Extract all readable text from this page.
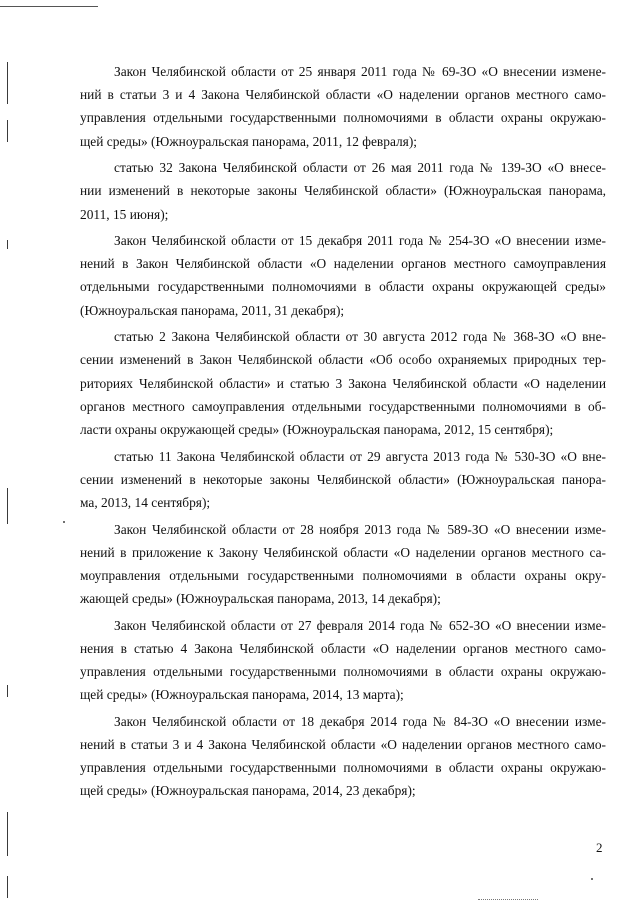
Закон Челябинской области от 25 января 2011 года № 69-ЗО «О внесении измене-
ний в статьи 3 и 4 Закона Челябинской области «О наделении органов местного само-
управления отдельными государственными полномочиями в области охраны окружаю-
щей среды» (Южноуральская панорама, 2011, 12 февраля);
статью 32 Закона Челябинской области от 26 мая 2011 года № 139-ЗО «О внесе-
нии изменений в некоторые законы Челябинской области» (Южноуральская панорама,
2011, 15 июня);
Закон Челябинской области от 15 декабря 2011 года № 254-ЗО «О внесении изме-
нений в Закон Челябинской области «О наделении органов местного самоуправления
отдельными государственными полномочиями в области охраны окружающей среды»
(Южноуральская панорама, 2011, 31 декабря);
статью 2 Закона Челябинской области от 30 августа 2012 года № 368-ЗО «О вне-
сении изменений в Закон Челябинской области «Об особо охраняемых природных тер-
риториях Челябинской области» и статью 3 Закона Челябинской области «О наделении
органов местного самоуправления отдельными государственными полномочиями в об-
ласти охраны окружающей среды» (Южноуральская панорама, 2012, 15 сентября);
статью 11 Закона Челябинской области от 29 августа 2013 года № 530-ЗО «О вне-
сении изменений в некоторые законы Челябинской области» (Южноуральская панора-
ма, 2013, 14 сентября);
Закон Челябинской области от 28 ноября 2013 года № 589-ЗО «О внесении изме-
нений в приложение к Закону Челябинской области «О наделении органов местного са-
моуправления отдельными государственными полномочиями в области охраны окру-
жающей среды» (Южноуральская панорама, 2013, 14 декабря);
Закон Челябинской области от 27 февраля 2014 года № 652-ЗО «О внесении изме-
нения в статью 4 Закона Челябинской области «О наделении органов местного само-
управления отдельными государственными полномочиями в области охраны окружаю-
щей среды» (Южноуральская панорама, 2014, 13 марта);
Закон Челябинской области от 18 декабря 2014 года № 84-ЗО «О внесении изме-
нений в статьи 3 и 4 Закона Челябинской области «О наделении органов местного само-
управления отдельными государственными полномочиями в области охраны окружаю-
щей среды» (Южноуральская панорама, 2014, 23 декабря);
2
